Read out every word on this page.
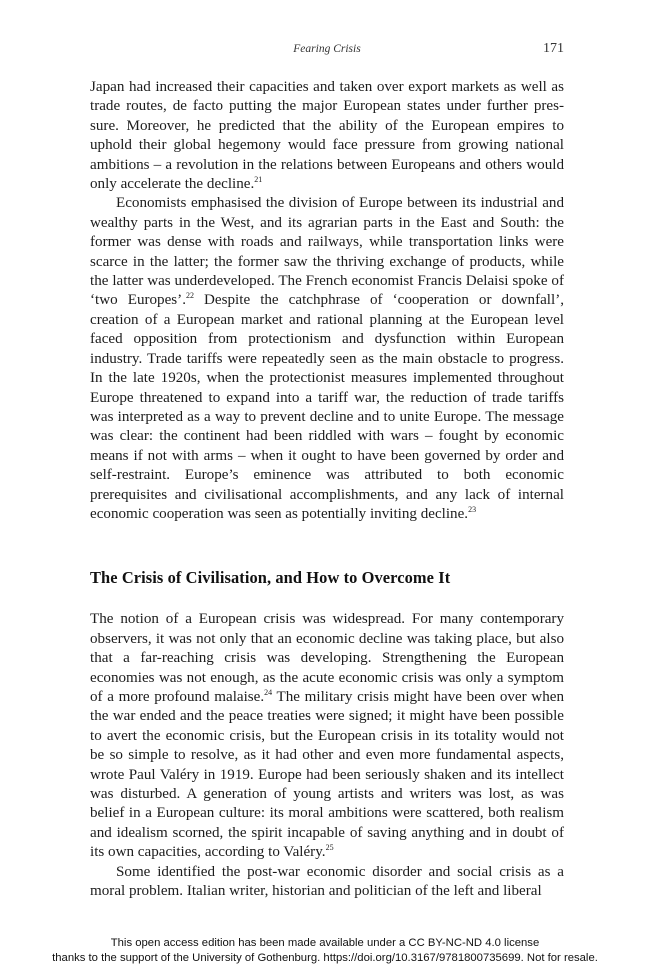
Fearing Crisis	171

Japan had increased their capacities and taken over export markets as well as trade routes, de facto putting the major European states under further pressure. Moreover, he predicted that the ability of the European empires to uphold their global hegemony would face pressure from growing national ambitions – a revolution in the relations between Europeans and others would only accelerate the decline.$^{21}$

Economists emphasised the division of Europe between its industrial and wealthy parts in the West, and its agrarian parts in the East and South: the former was dense with roads and railways, while transportation links were scarce in the latter; the former saw the thriving exchange of products, while the latter was underdeveloped. The French economist Francis Delaisi spoke of ‘two Europes’.$^{22}$ Despite the catchphrase of ‘cooperation or downfall’, creation of a European market and rational planning at the European level faced opposition from protectionism and dysfunction within European industry. Trade tariffs were repeatedly seen as the main obstacle to progress. In the late 1920s, when the protectionist measures implemented throughout Europe threatened to expand into a tariff war, the reduction of trade tariffs was interpreted as a way to prevent decline and to unite Europe. The message was clear: the continent had been riddled with wars – fought by economic means if not with arms – when it ought to have been governed by order and self-restraint. Europe’s eminence was attributed to both economic prerequisites and civilisational accomplishments, and any lack of internal economic cooperation was seen as potentially inviting decline.$^{23}$

The Crisis of Civilisation, and How to Overcome It

The notion of a European crisis was widespread. For many contemporary observers, it was not only that an economic decline was taking place, but also that a far-reaching crisis was developing. Strengthening the European economies was not enough, as the acute economic crisis was only a symptom of a more profound malaise.$^{24}$ The military crisis might have been over when the war ended and the peace treaties were signed; it might have been possible to avert the economic crisis, but the European crisis in its totality would not be so simple to resolve, as it had other and even more fundamental aspects, wrote Paul Valéry in 1919. Europe had been seriously shaken and its intellect was disturbed. A generation of young artists and writers was lost, as was belief in a European culture: its moral ambitions were scattered, both realism and idealism scorned, the spirit incapable of saving anything and in doubt of its own capacities, according to Valéry.$^{25}$

Some identified the post-war economic disorder and social crisis as a moral problem. Italian writer, historian and politician of the left and liberal

This open access edition has been made available under a CC BY-NC-ND 4.0 license
thanks to the support of the University of Gothenburg. https://doi.org/10.3167/9781800735699. Not for resale.
